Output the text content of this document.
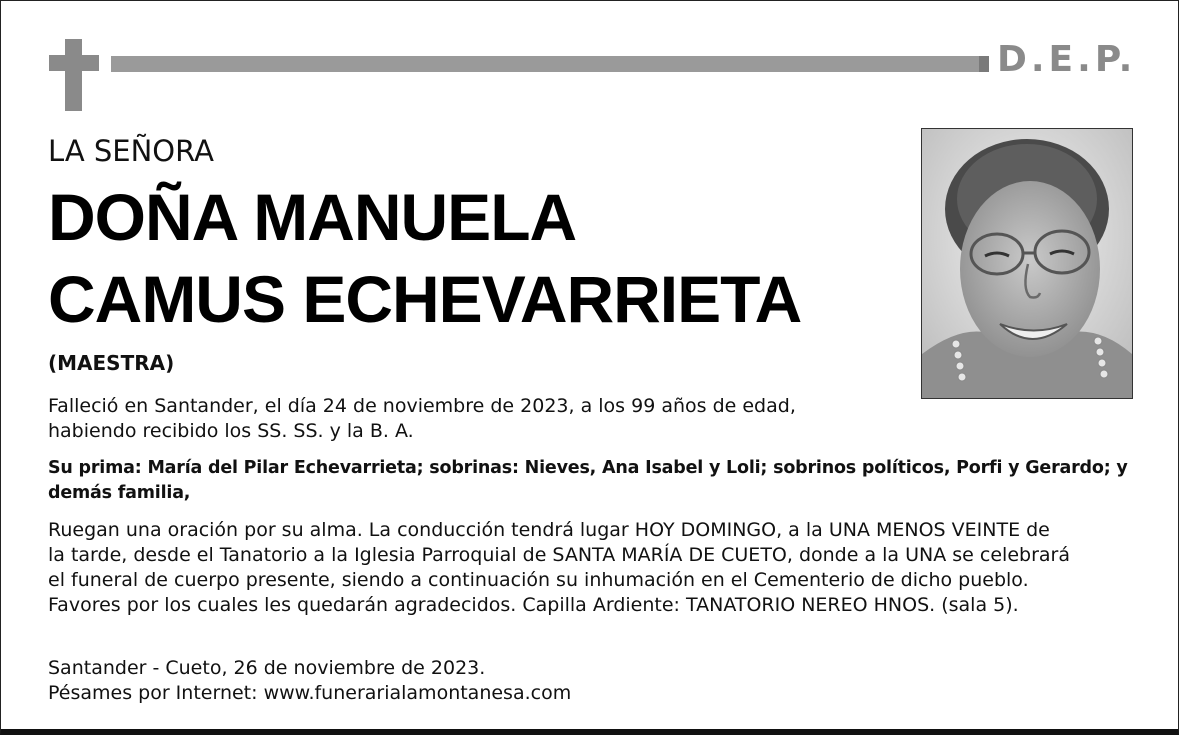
D.E.P.
LA SEÑORA
DOÑA MANUELA
CAMUS ECHEVARRIETA
(MAESTRA)
Falleció en Santander, el día 24 de noviembre de 2023, a los 99 años de edad,
habiendo recibido los SS. SS. y la B. A.
Su prima: María del Pilar Echevarrieta; sobrinas: Nieves, Ana Isabel y Loli; sobrinos políticos, Porfi y Gerardo; y demás familia,
Ruegan una oración por su alma. La conducción tendrá lugar HOY DOMINGO, a la UNA MENOS VEINTE de
la tarde, desde el Tanatorio a la Iglesia Parroquial de SANTA MARÍA DE CUETO, donde a la UNA se celebrará
el funeral de cuerpo presente, siendo a continuación su inhumación en el Cementerio de dicho pueblo.
Favores por los cuales les quedarán agradecidos. Capilla Ardiente: TANATORIO NEREO HNOS. (sala 5).
Santander - Cueto, 26 de noviembre de 2023.
Pésames por Internet: www.funerarialamontanesa.com
